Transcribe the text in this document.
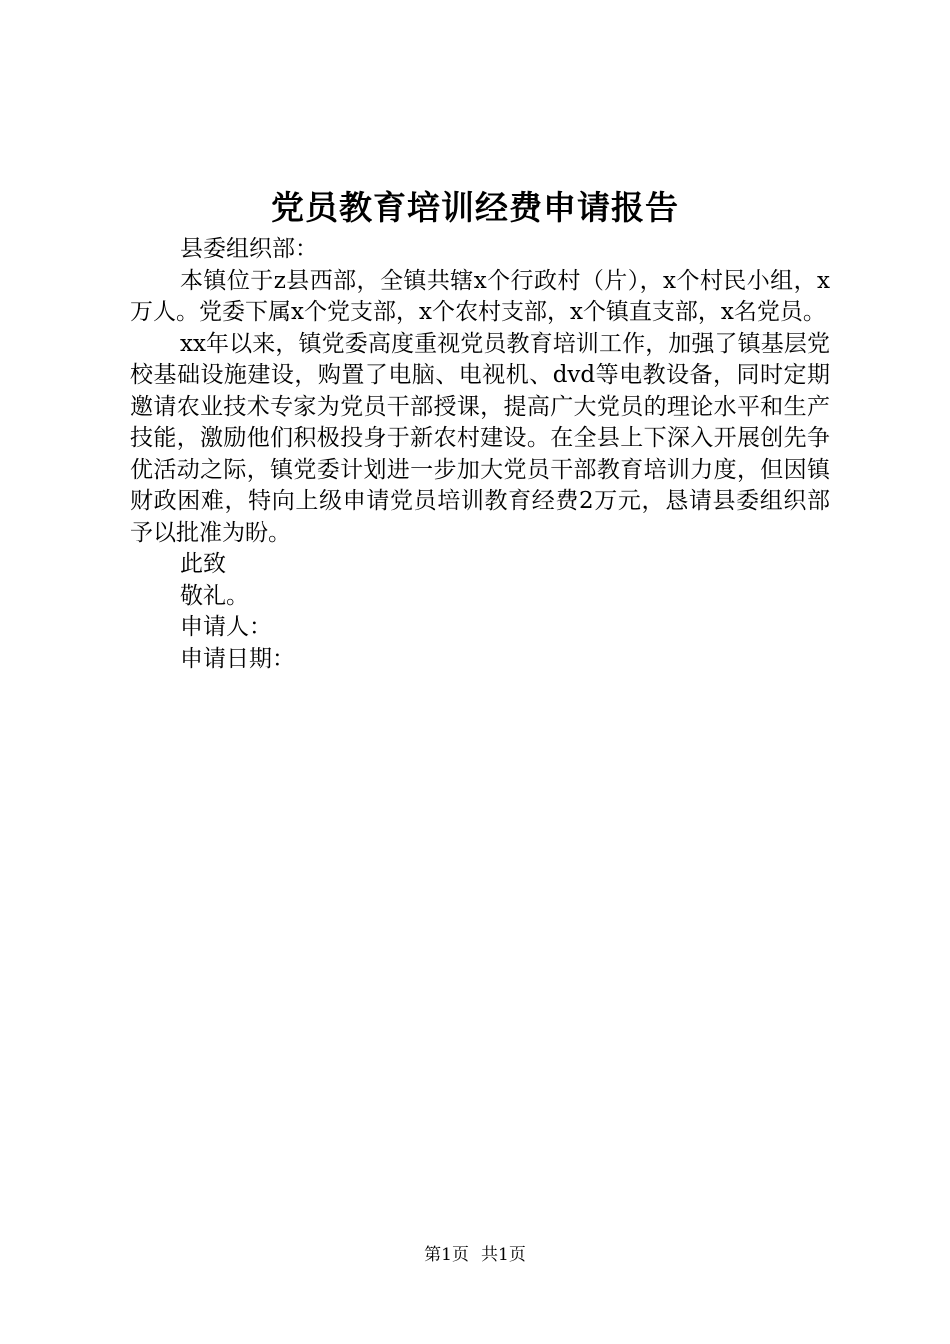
党员教育培训经费申请报告

县委组织部：

本镇位于z县西部，全镇共辖x个行政村（片），x个村民小组，x万人。党委下属x个党支部，x个农村支部，x个镇直支部，x名党员。

xx年以来，镇党委高度重视党员教育培训工作，加强了镇基层党校基础设施建设，购置了电脑、电视机、dvd等电教设备，同时定期邀请农业技术专家为党员干部授课，提高广大党员的理论水平和生产技能，激励他们积极投身于新农村建设。在全县上下深入开展创先争优活动之际，镇党委计划进一步加大党员干部教育培训力度，但因镇财政困难，特向上级申请党员培训教育经费2万元，恳请县委组织部予以批准为盼。

此致

敬礼。

申请人：

申请日期：

第1页 共1页
